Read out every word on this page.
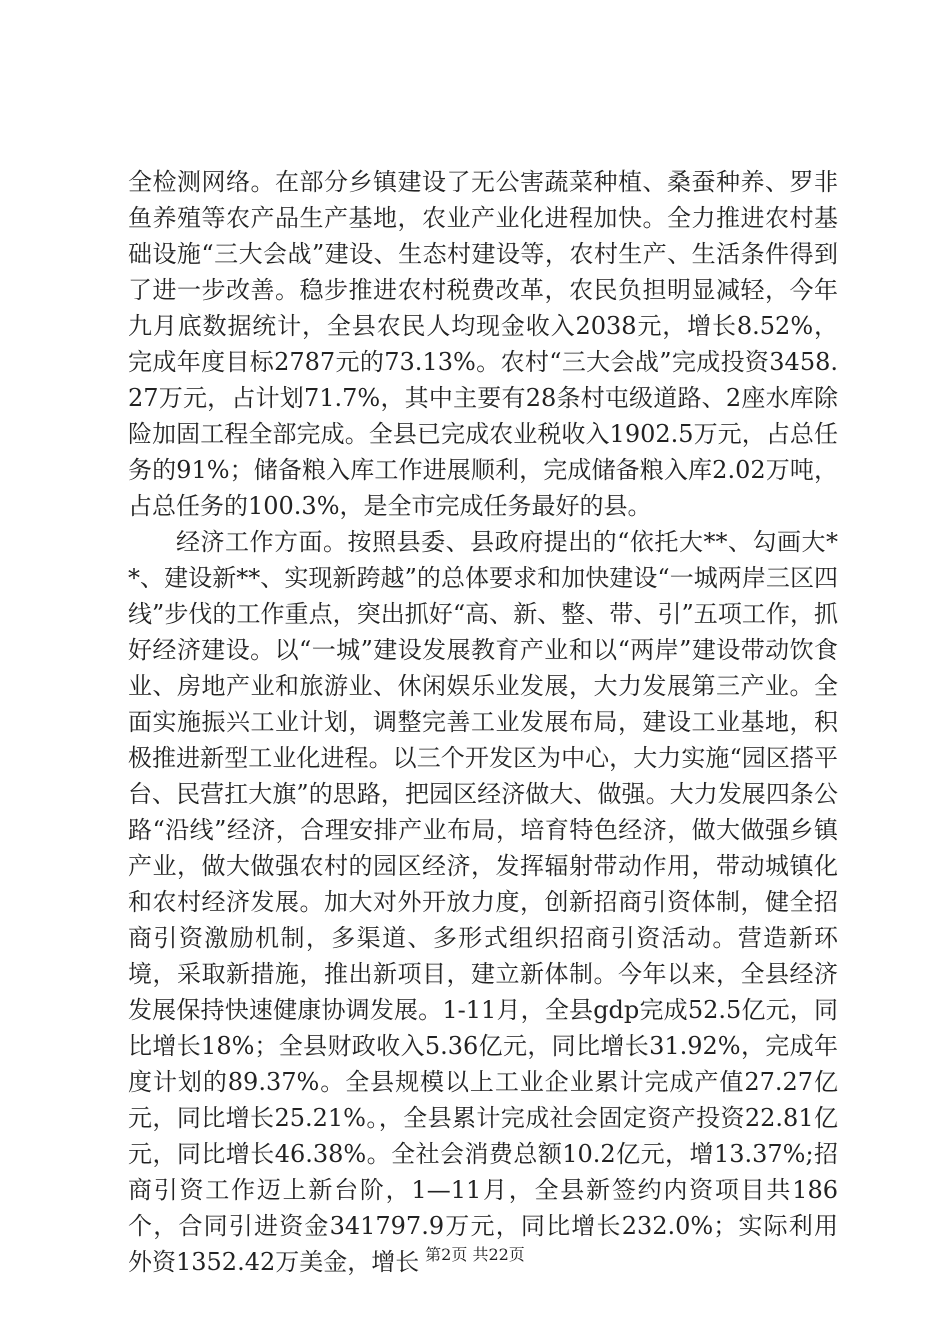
全检测网络。在部分乡镇建设了无公害蔬菜种植、桑蚕种养、罗非鱼养殖等农产品生产基地，农业产业化进程加快。全力推进农村基础设施“三大会战”建设、生态村建设等，农村生产、生活条件得到了进一步改善。稳步推进农村税费改革，农民负担明显减轻，今年九月底数据统计，全县农民人均现金收入2038元，增长8.52%，完成年度目标2787元的73.13%。农村“三大会战”完成投资3458.27万元，占计划71.7%，其中主要有28条村屯级道路、2座水库除险加固工程全部完成。全县已完成农业税收入1902.5万元，占总任务的91%；储备粮入库工作进展顺利，完成储备粮入库2.02万吨，占总任务的100.3%，是全市完成任务最好的县。

经济工作方面。按照县委、县政府提出的“依托大**、勾画大**、建设新**、实现新跨越”的总体要求和加快建设“一城两岸三区四线”步伐的工作重点，突出抓好“高、新、整、带、引”五项工作，抓好经济建设。以“一城”建设发展教育产业和以“两岸”建设带动饮食业、房地产业和旅游业、休闲娱乐业发展，大力发展第三产业。全面实施振兴工业计划，调整完善工业发展布局，建设工业基地，积极推进新型工业化进程。以三个开发区为中心，大力实施“园区搭平台、民营扛大旗”的思路，把园区经济做大、做强。大力发展四条公路“沿线”经济，合理安排产业布局，培育特色经济，做大做强乡镇产业，做大做强农村的园区经济，发挥辐射带动作用，带动城镇化和农村经济发展。加大对外开放力度，创新招商引资体制，健全招商引资激励机制，多渠道、多形式组织招商引资活动。营造新环境，采取新措施，推出新项目，建立新体制。今年以来，全县经济发展保持快速健康协调发展。1-11月，全县gdp完成52.5亿元，同比增长18%；全县财政收入5.36亿元，同比增长31.92%，完成年度计划的89.37%。全县规模以上工业企业累计完成产值27.27亿元，同比增长25.21%。，全县累计完成社会固定资产投资22.81亿元，同比增长46.38%。全社会消费总额10.2亿元，增13.37%;招商引资工作迈上新台阶，1—11月，全县新签约内资项目共186个，合同引进资金341797.9万元，同比增长232.0%；实际利用外资1352.42万美金，增长 第2页 共22页
